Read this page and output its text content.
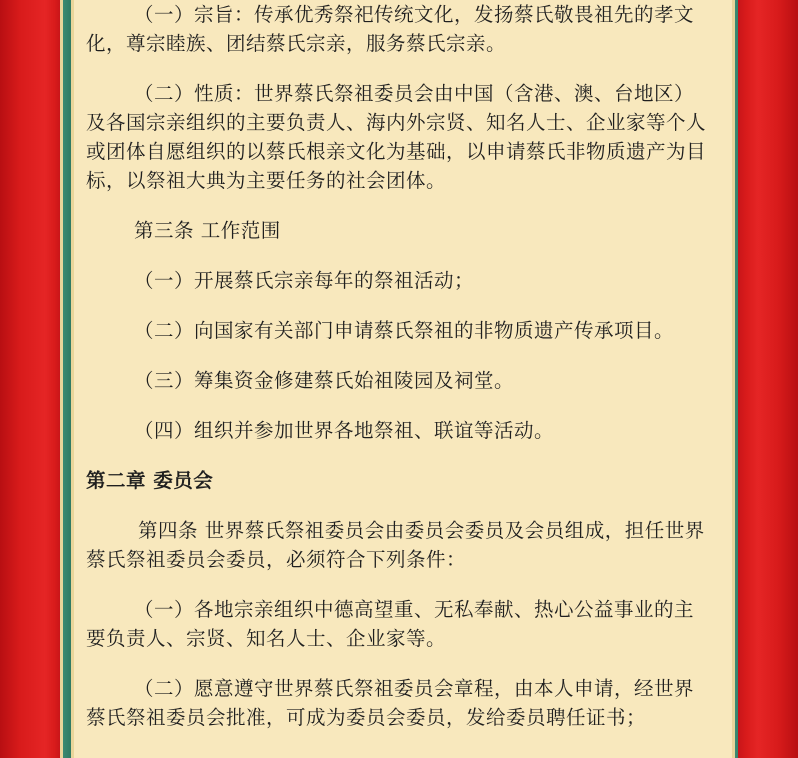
（一）宗旨：传承优秀祭祀传统文化，发扬蔡氏敬畏祖先的孝文化，尊宗睦族、团结蔡氏宗亲，服务蔡氏宗亲。

（二）性质：世界蔡氏祭祖委员会由中国（含港、澳、台地区）及各国宗亲组织的主要负责人、海内外宗贤、知名人士、企业家等个人或团体自愿组织的以蔡氏根亲文化为基础，以申请蔡氏非物质遗产为目标，以祭祖大典为主要任务的社会团体。

第三条 工作范围

（一）开展蔡氏宗亲每年的祭祖活动；

（二）向国家有关部门申请蔡氏祭祖的非物质遗产传承项目。

（三）筹集资金修建蔡氏始祖陵园及祠堂。

（四）组织并参加世界各地祭祖、联谊等活动。

第二章 委员会

第四条 世界蔡氏祭祖委员会由委员会委员及会员组成，担任世界蔡氏祭祖委员会委员，必须符合下列条件：

（一）各地宗亲组织中德高望重、无私奉献、热心公益事业的主要负责人、宗贤、知名人士、企业家等。

（二）愿意遵守世界蔡氏祭祖委员会章程，由本人申请，经世界蔡氏祭祖委员会批准，可成为委员会委员，发给委员聘任证书；
